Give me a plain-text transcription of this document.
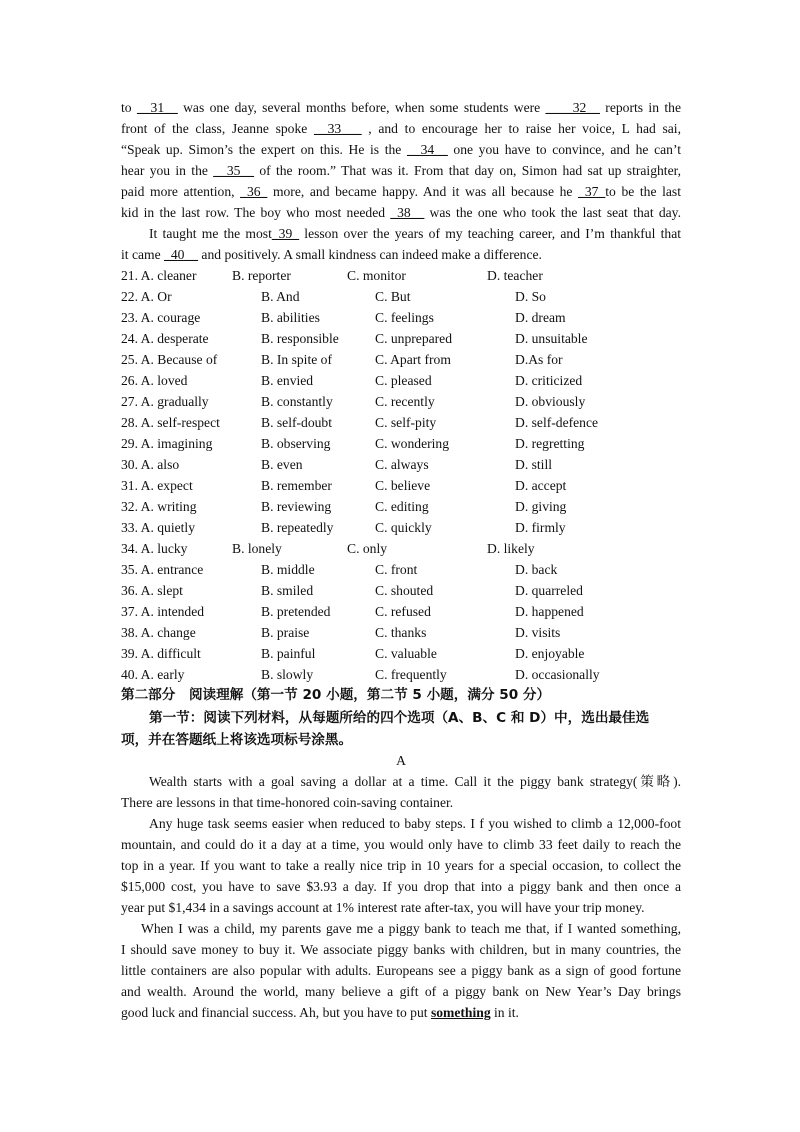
to __31__ was one day, several months before, when some students were ____32__ reports in the
front of the class, Jeanne spoke __33___ , and to encourage her to raise her voice, L had sai,
“Speak up. Simon’s the expert on this. He is the __34__ one you have to convince, and he can’t
hear you in the __35__ of the room.” That was it. From that day on, Simon had sat up straighter,
paid more attention, _36_ more, and became happy. And it was all because he _37_to be the last
kid in the last row. The boy who most needed _38__ was the one who took the last seat that day.
It taught me the most_39_ lesson over the years of my teaching career, and I’m thankful that
it came _40__ and positively. A small kindness can indeed make a difference.
21. A. cleaner	B. reporter	C. monitor	D. teacher
22. A. Or	B. And	C. But	D. So
23. A. courage	B. abilities	C. feelings	D. dream
24. A. desperate	B. responsible	C. unprepared	D. unsuitable
25. A. Because of	B. In spite of	C. Apart from	D.As for
26. A. loved	B. envied	C. pleased	D. criticized
27. A. gradually	B. constantly	C. recently	D. obviously
28. A. self-respect	B. self-doubt	C. self-pity	D. self-defence
29. A. imagining	B. observing	C. wondering	D. regretting
30. A. also	B. even	C. always	D. still
31. A. expect	B. remember	C. believe	D. accept
32. A. writing	B. reviewing	C. editing	D. giving
33. A. quietly	B. repeatedly	C. quickly	D. firmly
34. A. lucky	B. lonely	C. only	D. likely
35. A. entrance	B. middle	C. front	D. back
36. A. slept	B. smiled	C. shouted	D. quarreled
37. A. intended	B. pretended	C. refused	D. happened
38. A. change	B. praise	C. thanks	D. visits
39. A. difficult	B. painful	C. valuable	D. enjoyable
40. A. early	B. slowly	C. frequently	D. occasionally
第二部分　阅读理解（第一节 20 小题，第二节 5 小题，满分 50 分）
第一节：阅读下列材料，从每题所给的四个选项（A、B、C 和 D）中，选出最佳选
项，并在答题纸上将该选项标号涂黑。
A
Wealth starts with a goal saving a dollar at a time. Call it the piggy bank strategy(策略).
There are lessons in that time-honored coin-saving container.
Any huge task seems easier when reduced to baby steps. I f you wished to climb a 12,000-foot
mountain, and could do it a day at a time, you would only have to climb 33 feet daily to reach the
top in a year. If you want to take a really nice trip in 10 years for a special occasion, to collect the
$15,000 cost, you have to save $3.93 a day. If you drop that into a piggy bank and then once a
year put $1,434 in a savings account at 1% interest rate after-tax, you will have your trip money.
When I was a child, my parents gave me a piggy bank to teach me that, if I wanted something,
I should save money to buy it. We associate piggy banks with children, but in many countries, the
little containers are also popular with adults. Europeans see a piggy bank as a sign of good fortune
and wealth. Around the world, many believe a gift of a piggy bank on New Year’s Day brings
good luck and financial success. Ah, but you have to put something in it.
